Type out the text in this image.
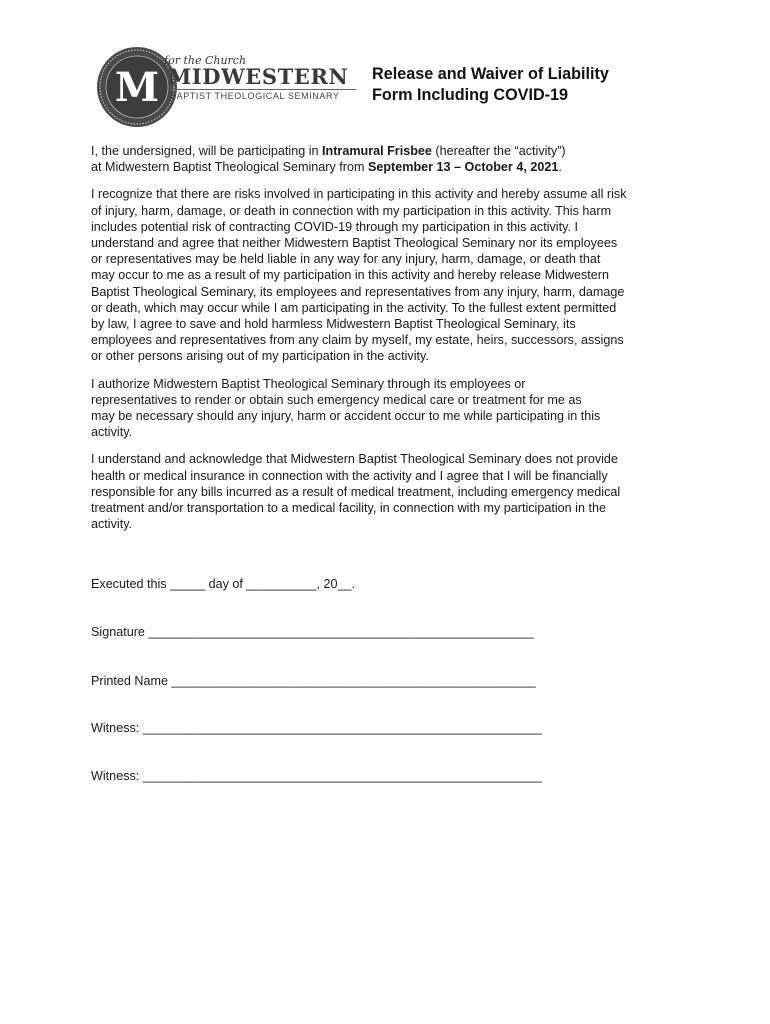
M
for the Church
MIDWESTERN
BAPTIST THEOLOGICAL SEMINARY
Release and Waiver of Liability
Form Including COVID-19

I, the undersigned, will be participating in Intramural Frisbee (hereafter the “activity”)
at Midwestern Baptist Theological Seminary from September 13 – October 4, 2021.

I recognize that there are risks involved in participating in this activity and hereby assume all risk
of injury, harm, damage, or death in connection with my participation in this activity. This harm
includes potential risk of contracting COVID-19 through my participation in this activity. I
understand and agree that neither Midwestern Baptist Theological Seminary nor its employees
or representatives may be held liable in any way for any injury, harm, damage, or death that
may occur to me as a result of my participation in this activity and hereby release Midwestern
Baptist Theological Seminary, its employees and representatives from any injury, harm, damage
or death, which may occur while I am participating in the activity. To the fullest extent permitted
by law, I agree to save and hold harmless Midwestern Baptist Theological Seminary, its
employees and representatives from any claim by myself, my estate, heirs, successors, assigns
or other persons arising out of my participation in the activity.

I authorize Midwestern Baptist Theological Seminary through its employees or
representatives to render or obtain such emergency medical care or treatment for me as
may be necessary should any injury, harm or accident occur to me while participating in this
activity.

I understand and acknowledge that Midwestern Baptist Theological Seminary does not provide
health or medical insurance in connection with the activity and I agree that I will be financially
responsible for any bills incurred as a result of medical treatment, including emergency medical
treatment and/or transportation to a medical facility, in connection with my participation in the
activity.

Executed this _____ day of __________, 20__.
Signature _______________________________________________________
Printed Name ____________________________________________________
Witness: _________________________________________________________
Witness: _________________________________________________________
